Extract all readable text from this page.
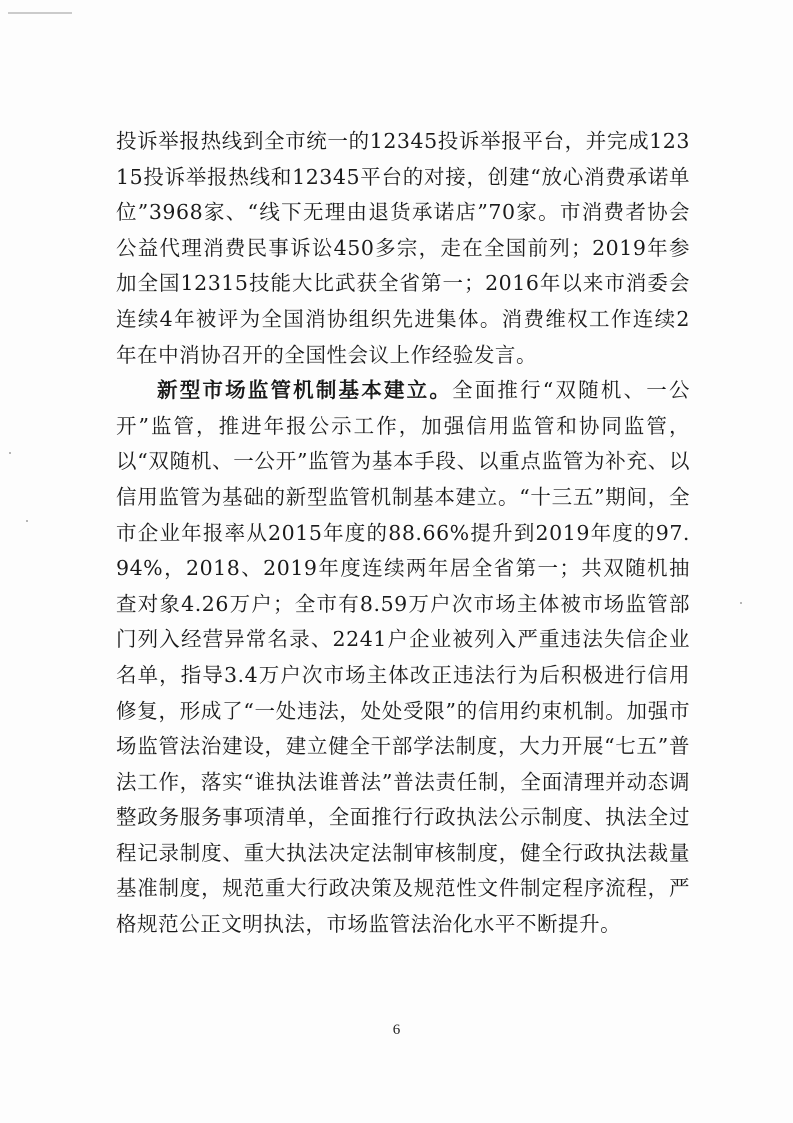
投诉举报热线到全市统一的12345投诉举报平台，并完成12315投诉举报热线和12345平台的对接，创建“放心消费承诺单位”3968家、“线下无理由退货承诺店”70家。市消费者协会公益代理消费民事诉讼450多宗，走在全国前列；2019年参加全国12315技能大比武获全省第一；2016年以来市消委会连续4年被评为全国消协组织先进集体。消费维权工作连续2年在中消协召开的全国性会议上作经验发言。

新型市场监管机制基本建立。全面推行“双随机、一公开”监管，推进年报公示工作，加强信用监管和协同监管，以“双随机、一公开”监管为基本手段、以重点监管为补充、以信用监管为基础的新型监管机制基本建立。“十三五”期间，全市企业年报率从2015年度的88.66%提升到2019年度的97.94%，2018、2019年度连续两年居全省第一；共双随机抽查对象4.26万户；全市有8.59万户次市场主体被市场监管部门列入经营异常名录、2241户企业被列入严重违法失信企业名单，指导3.4万户次市场主体改正违法行为后积极进行信用修复，形成了“一处违法，处处受限”的信用约束机制。加强市场监管法治建设，建立健全干部学法制度，大力开展“七五”普法工作，落实“谁执法谁普法”普法责任制，全面清理并动态调整政务服务事项清单，全面推行行政执法公示制度、执法全过程记录制度、重大执法决定法制审核制度，健全行政执法裁量基准制度，规范重大行政决策及规范性文件制定程序流程，严格规范公正文明执法，市场监管法治化水平不断提升。

6
